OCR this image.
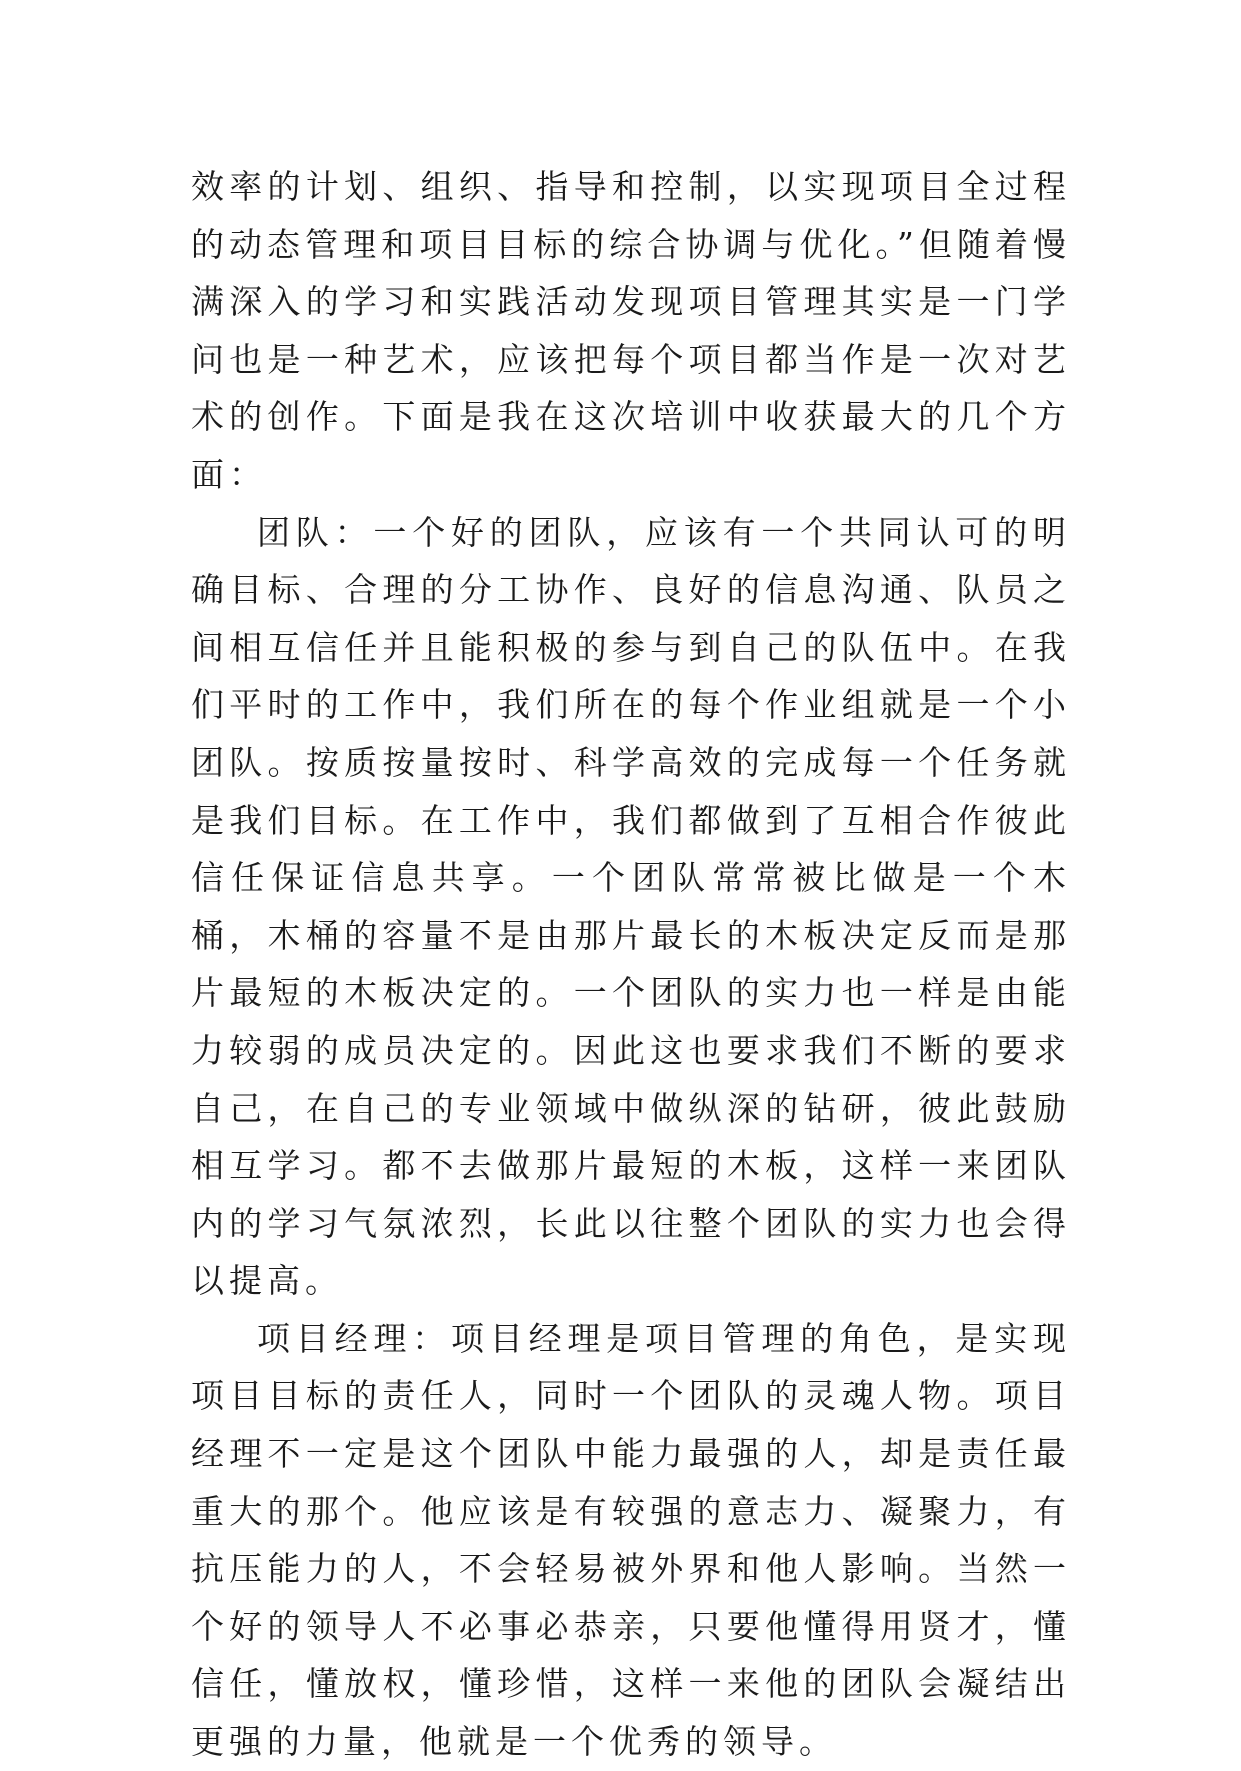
效率的计划、组织、指导和控制，以实现项目全过程的动态管理和项目目标的综合协调与优化。”但随着慢满深入的学习和实践活动发现项目管理其实是一门学问也是一种艺术，应该把每个项目都当作是一次对艺术的创作。下面是我在这次培训中收获最大的几个方面：

团队：一个好的团队，应该有一个共同认可的明确目标、合理的分工协作、良好的信息沟通、队员之间相互信任并且能积极的参与到自己的队伍中。在我们平时的工作中，我们所在的每个作业组就是一个小团队。按质按量按时、科学高效的完成每一个任务就是我们目标。在工作中，我们都做到了互相合作彼此信任保证信息共享。一个团队常常被比做是一个木桶，木桶的容量不是由那片最长的木板决定反而是那片最短的木板决定的。一个团队的实力也一样是由能力较弱的成员决定的。因此这也要求我们不断的要求自己，在自己的专业领域中做纵深的钻研，彼此鼓励相互学习。都不去做那片最短的木板，这样一来团队内的学习气氛浓烈，长此以往整个团队的实力也会得以提高。

项目经理：项目经理是项目管理的角色，是实现项目目标的责任人，同时一个团队的灵魂人物。项目经理不一定是这个团队中能力最强的人，却是责任最重大的那个。他应该是有较强的意志力、凝聚力，有抗压能力的人，不会轻易被外界和他人影响。当然一个好的领导人不必事必恭亲，只要他懂得用贤才，懂信任，懂放权，懂珍惜，这样一来他的团队会凝结出更强的力量，他就是一个优秀的领导。
